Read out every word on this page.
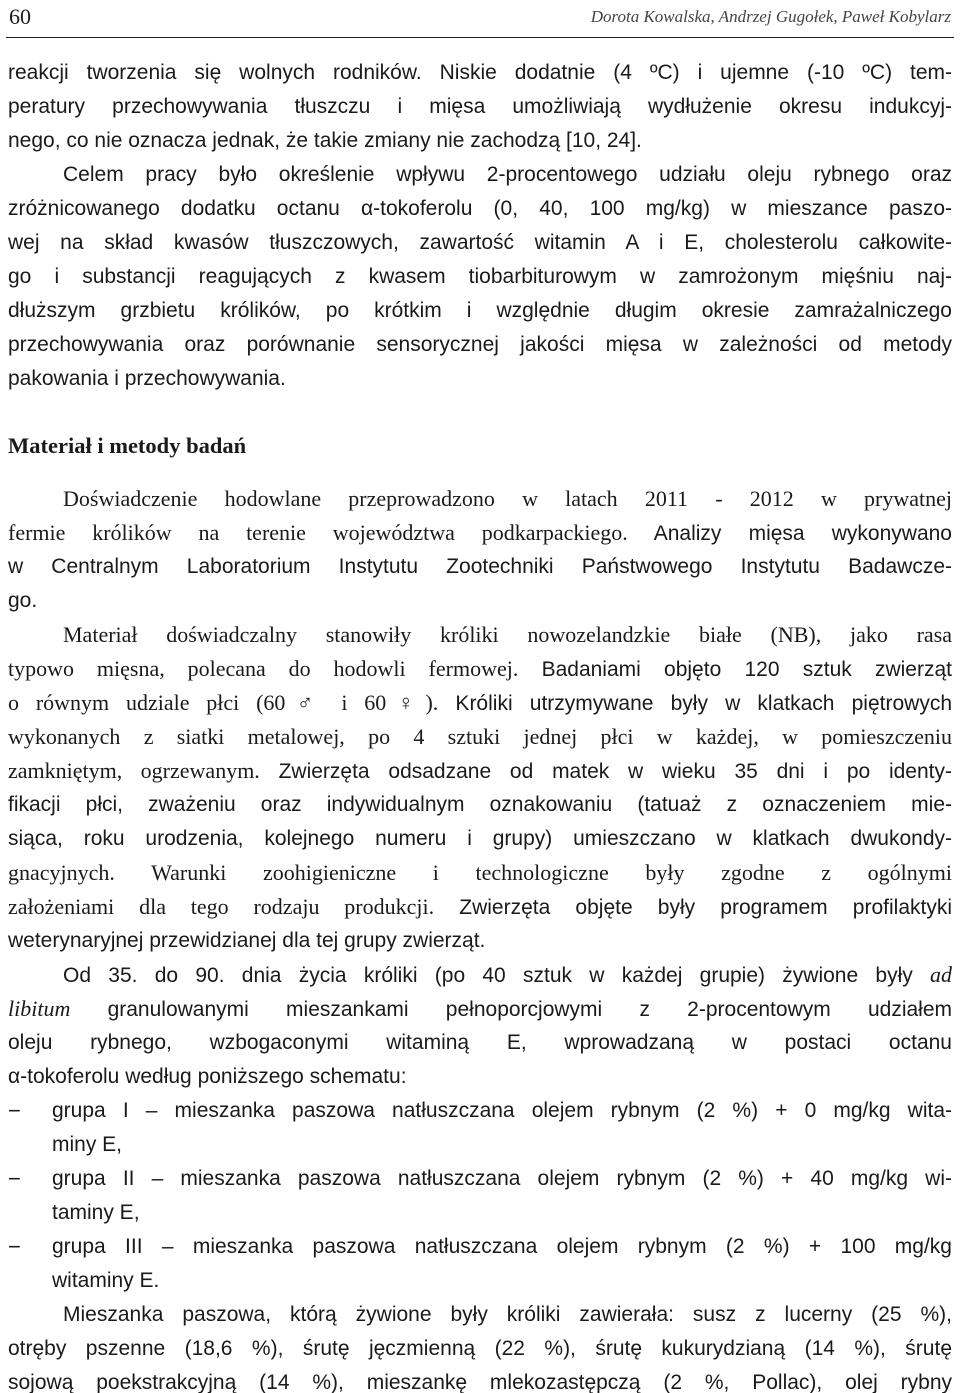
60	Dorota Kowalska, Andrzej Gugołek, Paweł Kobylarz
reakcji tworzenia się wolnych rodników. Niskie dodatnie (4 ºC) i ujemne (-10 ºC) tem-
peratury przechowywania tłuszczu i mięsa umożliwiają wydłużenie okresu indukcyj-
nego, co nie oznacza jednak, że takie zmiany nie zachodzą [10, 24].
Celem pracy było określenie wpływu 2-procentowego udziału oleju rybnego oraz
zróżnicowanego dodatku octanu α-tokoferolu (0, 40, 100 mg/kg) w mieszance paszo-
wej na skład kwasów tłuszczowych, zawartość witamin A i E, cholesterolu całkowite-
go i substancji reagujących z kwasem tiobarbiturowym w zamrożonym mięśniu naj-
dłuższym grzbietu królików, po krótkim i względnie długim okresie zamrażalniczego
przechowywania oraz porównanie sensorycznej jakości mięsa w zależności od metody
pakowania i przechowywania.
Materiał i metody badań
Doświadczenie hodowlane przeprowadzono w latach 2011 - 2012 w prywatnej
fermie królików na terenie województwa podkarpackiego. Analizy mięsa wykonywano
w Centralnym Laboratorium Instytutu Zootechniki Państwowego Instytutu Badawcze-
go.
Materiał doświadczalny stanowiły króliki nowozelandzkie białe (NB), jako rasa
typowo mięsna, polecana do hodowli fermowej. Badaniami objęto 120 sztuk zwierząt
o równym udziale płci (60♂ i 60♀). Króliki utrzymywane były w klatkach piętrowych
wykonanych z siatki metalowej, po 4 sztuki jednej płci w każdej, w pomieszczeniu
zamkniętym, ogrzewanym. Zwierzęta odsadzane od matek w wieku 35 dni i po identy-
fikacji płci, zważeniu oraz indywidualnym oznakowaniu (tatuaż z oznaczeniem mie-
siąca, roku urodzenia, kolejnego numeru i grupy) umieszczano w klatkach dwukondy-
gnacyjnych. Warunki zoohigieniczne i technologiczne były zgodne z ogólnymi
założeniami dla tego rodzaju produkcji. Zwierzęta objęte były programem profilaktyki
weterynaryjnej przewidzianej dla tej grupy zwierząt.
Od 35. do 90. dnia życia króliki (po 40 sztuk w każdej grupie) żywione były ad
libitum granulowanymi mieszankami pełnoporcjowymi z 2-procentowym udziałem
oleju rybnego, wzbogaconymi witaminą E, wprowadzaną w postaci octanu
α-tokoferolu według poniższego schematu:
− grupa I – mieszanka paszowa natłuszczana olejem rybnym (2 %) + 0 mg/kg wita-
miny E,
− grupa II – mieszanka paszowa natłuszczana olejem rybnym (2 %) + 40 mg/kg wi-
taminy E,
− grupa III – mieszanka paszowa natłuszczana olejem rybnym (2 %) + 100 mg/kg
witaminy E.
Mieszanka paszowa, którą żywione były króliki zawierała: susz z lucerny (25 %),
otręby pszenne (18,6 %), śrutę jęczmienną (22 %), śrutę kukurydzianą (14 %), śrutę
sojową poekstrakcyjną (14 %), mieszankę mlekozastępczą (2 %, Pollac), olej rybny
